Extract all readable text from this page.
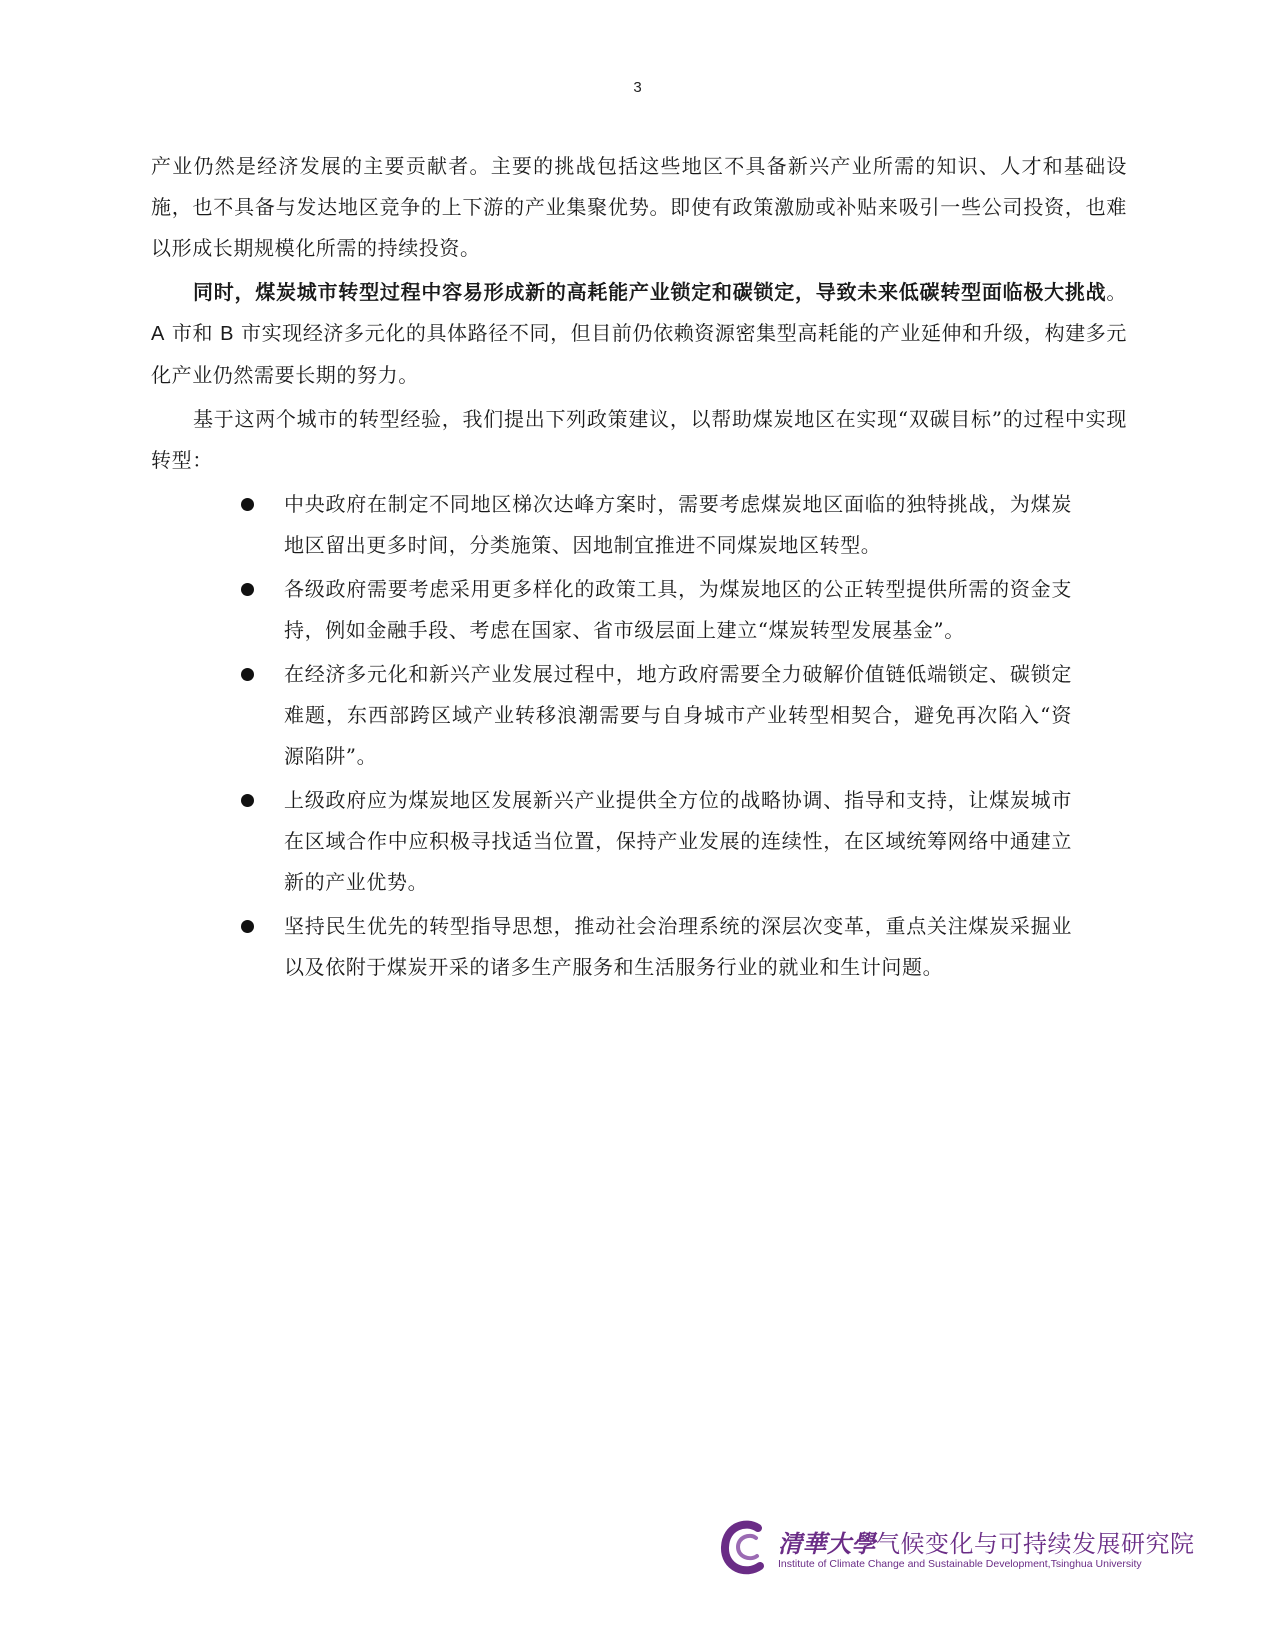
3

产业仍然是经济发展的主要贡献者。主要的挑战包括这些地区不具备新兴产业所需的知识、人才和基础设施，也不具备与发达地区竞争的上下游的产业集聚优势。即使有政策激励或补贴来吸引一些公司投资，也难以形成长期规模化所需的持续投资。

同时，煤炭城市转型过程中容易形成新的高耗能产业锁定和碳锁定，导致未来低碳转型面临极大挑战。A 市和 B 市实现经济多元化的具体路径不同，但目前仍依赖资源密集型高耗能的产业延伸和升级，构建多元化产业仍然需要长期的努力。

基于这两个城市的转型经验，我们提出下列政策建议，以帮助煤炭地区在实现“双碳目标”的过程中实现转型：

中央政府在制定不同地区梯次达峰方案时，需要考虑煤炭地区面临的独特挑战，为煤炭地区留出更多时间，分类施策、因地制宜推进不同煤炭地区转型。
各级政府需要考虑采用更多样化的政策工具，为煤炭地区的公正转型提供所需的资金支持，例如金融手段、考虑在国家、省市级层面上建立“煤炭转型发展基金”。
在经济多元化和新兴产业发展过程中，地方政府需要全力破解价值链低端锁定、碳锁定难题，东西部跨区域产业转移浪潮需要与自身城市产业转型相契合，避免再次陷入“资源陷阱”。
上级政府应为煤炭地区发展新兴产业提供全方位的战略协调、指导和支持，让煤炭城市在区域合作中应积极寻找适当位置，保持产业发展的连续性，在区域统筹网络中通建立新的产业优势。
坚持民生优先的转型指导思想，推动社会治理系统的深层次变革，重点关注煤炭采掘业以及依附于煤炭开采的诸多生产服务和生活服务行业的就业和生计问题。
清華大學气候变化与可持续发展研究院
Institute of Climate Change and Sustainable Development,Tsinghua University
